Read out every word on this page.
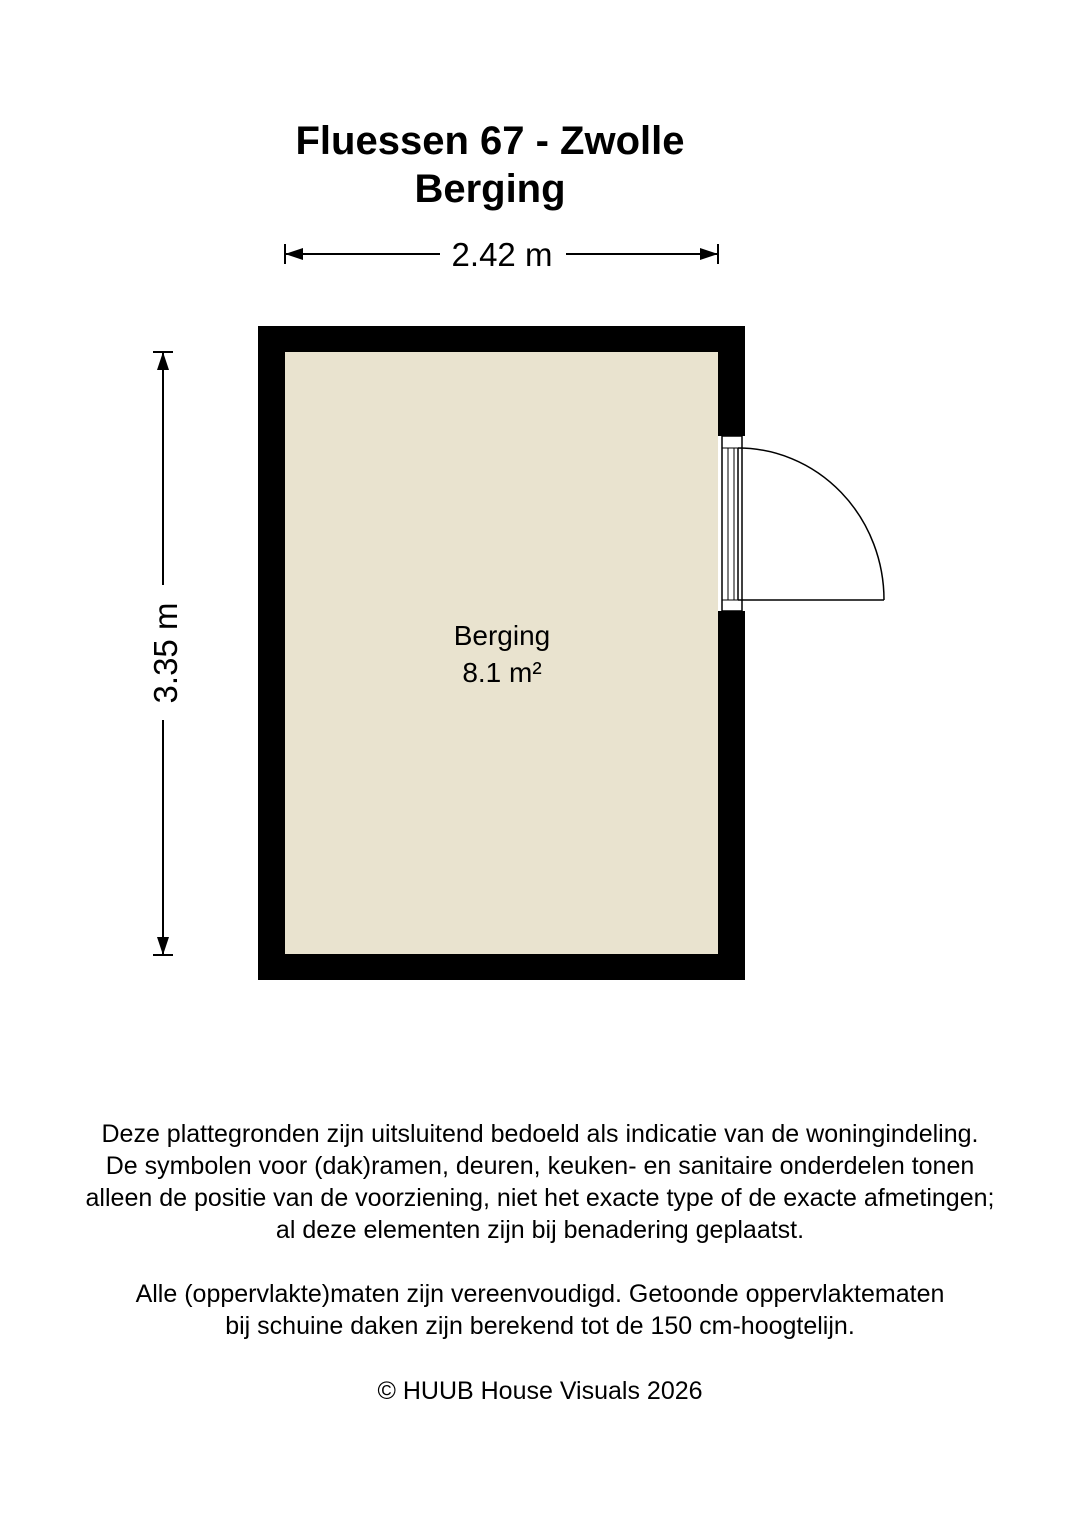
Fluessen 67 - Zwolle
Berging
2.42 m
3.35 m	Berging
8.1 m²
Deze plattegronden zijn uitsluitend bedoeld als indicatie van de woningindeling.
De symbolen voor (dak)ramen, deuren, keuken- en sanitaire onderdelen tonen
alleen de positie van de voorziening, niet het exacte type of de exacte afmetingen;
al deze elementen zijn bij benadering geplaatst.
Alle (oppervlakte)maten zijn vereenvoudigd. Getoonde oppervlaktematen
bij schuine daken zijn berekend tot de 150 cm-hoogtelijn.
© HUUB House Visuals 2026
